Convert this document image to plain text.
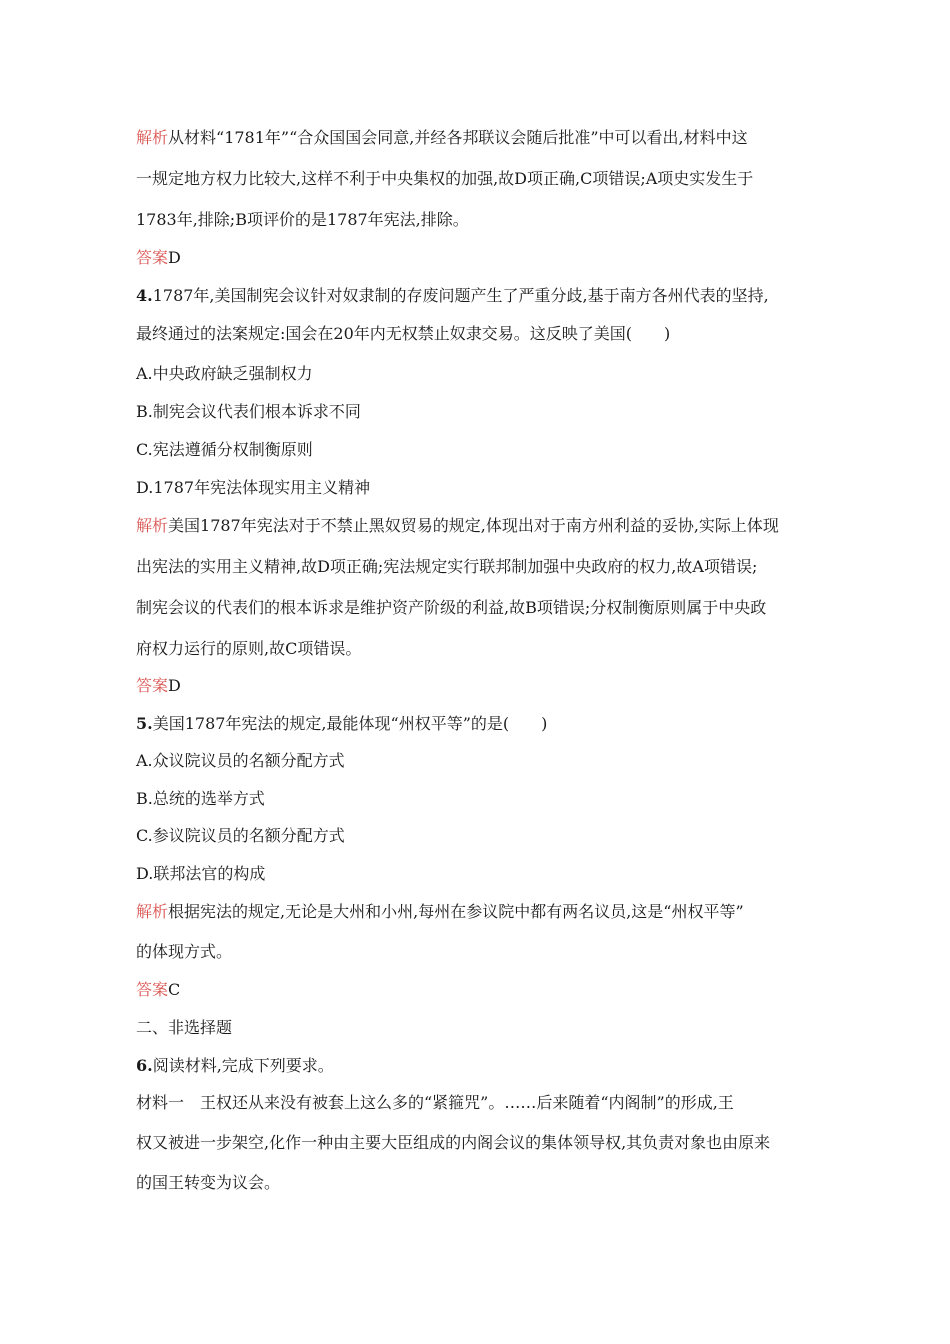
解析从材料“1781年”“合众国国会同意,并经各邦联议会随后批准”中可以看出,材料中这
一规定地方权力比较大,这样不利于中央集权的加强,故D项正确,C项错误;A项史实发生于
1783年,排除;B项评价的是1787年宪法,排除。
答案D
4.1787年,美国制宪会议针对奴隶制的存废问题产生了严重分歧,基于南方各州代表的坚持,
最终通过的法案规定:国会在20年内无权禁止奴隶交易。这反映了美国(　　)
A.中央政府缺乏强制权力
B.制宪会议代表们根本诉求不同
C.宪法遵循分权制衡原则
D.1787年宪法体现实用主义精神
解析美国1787年宪法对于不禁止黑奴贸易的规定,体现出对于南方州利益的妥协,实际上体现
出宪法的实用主义精神,故D项正确;宪法规定实行联邦制加强中央政府的权力,故A项错误;
制宪会议的代表们的根本诉求是维护资产阶级的利益,故B项错误;分权制衡原则属于中央政
府权力运行的原则,故C项错误。
答案D
5.美国1787年宪法的规定,最能体现“州权平等”的是(　　)
A.众议院议员的名额分配方式
B.总统的选举方式
C.参议院议员的名额分配方式
D.联邦法官的构成
解析根据宪法的规定,无论是大州和小州,每州在参议院中都有两名议员,这是“州权平等”
的体现方式。
答案C
二、非选择题
6.阅读材料,完成下列要求。
材料一　王权还从来没有被套上这么多的“紧箍咒”。……后来随着“内阁制”的形成,王
权又被进一步架空,化作一种由主要大臣组成的内阁会议的集体领导权,其负责对象也由原来
的国王转变为议会。
